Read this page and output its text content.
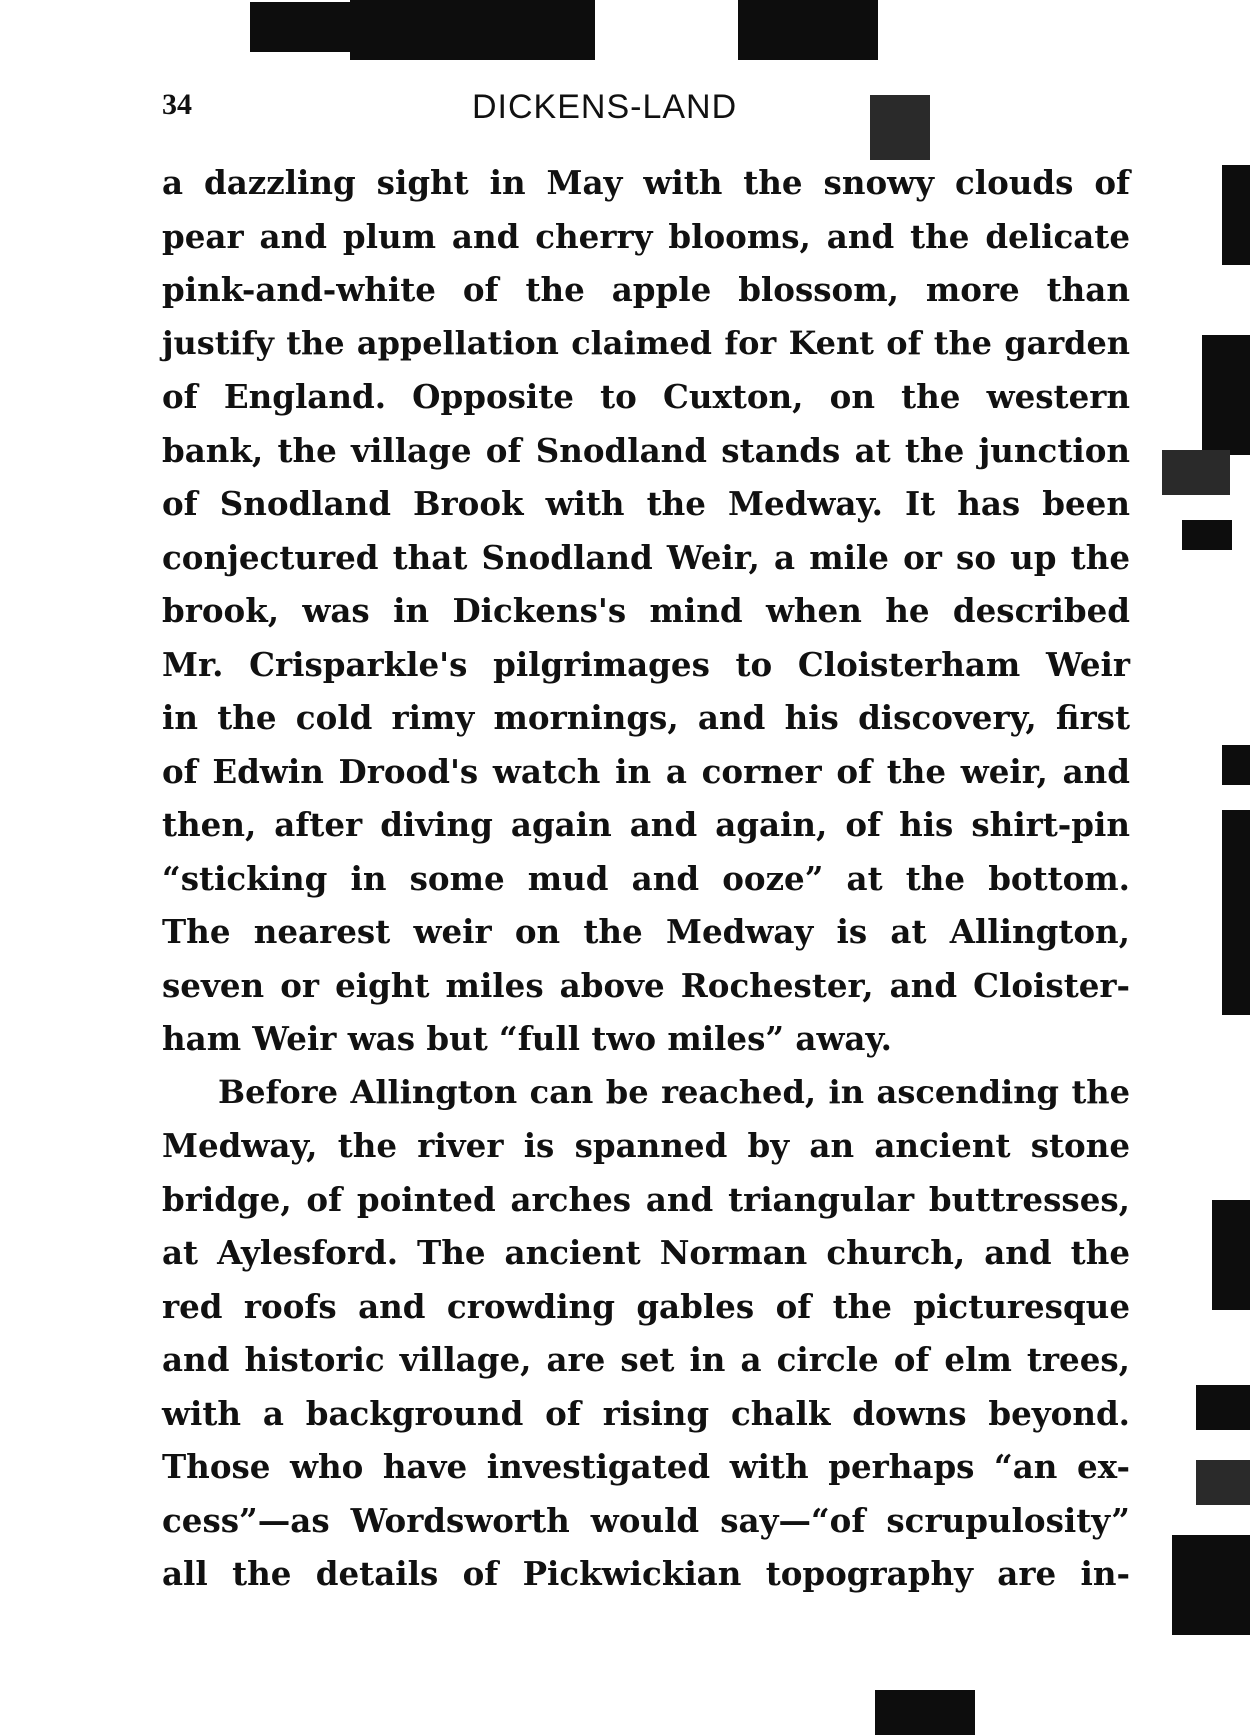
34	DICKENS-LAND
a dazzling sight in May with the snowy clouds of
pear and plum and cherry blooms, and the delicate
pink-and-white of the apple blossom, more than
justify the appellation claimed for Kent of the garden
of England. Opposite to Cuxton, on the western
bank, the village of Snodland stands at the junction
of Snodland Brook with the Medway. It has been
conjectured that Snodland Weir, a mile or so up the
brook, was in Dickens's mind when he described
Mr. Crisparkle's pilgrimages to Cloisterham Weir
in the cold rimy mornings, and his discovery, first
of Edwin Drood's watch in a corner of the weir, and
then, after diving again and again, of his shirt-pin
“sticking in some mud and ooze” at the bottom.
The nearest weir on the Medway is at Allington,
seven or eight miles above Rochester, and Cloister-
ham Weir was but “full two miles” away.
Before Allington can be reached, in ascending the
Medway, the river is spanned by an ancient stone
bridge, of pointed arches and triangular buttresses,
at Aylesford. The ancient Norman church, and the
red roofs and crowding gables of the picturesque
and historic village, are set in a circle of elm trees,
with a background of rising chalk downs beyond.
Those who have investigated with perhaps “an ex-
cess”—as Wordsworth would say—“of scrupulosity”
all the details of Pickwickian topography are in-
